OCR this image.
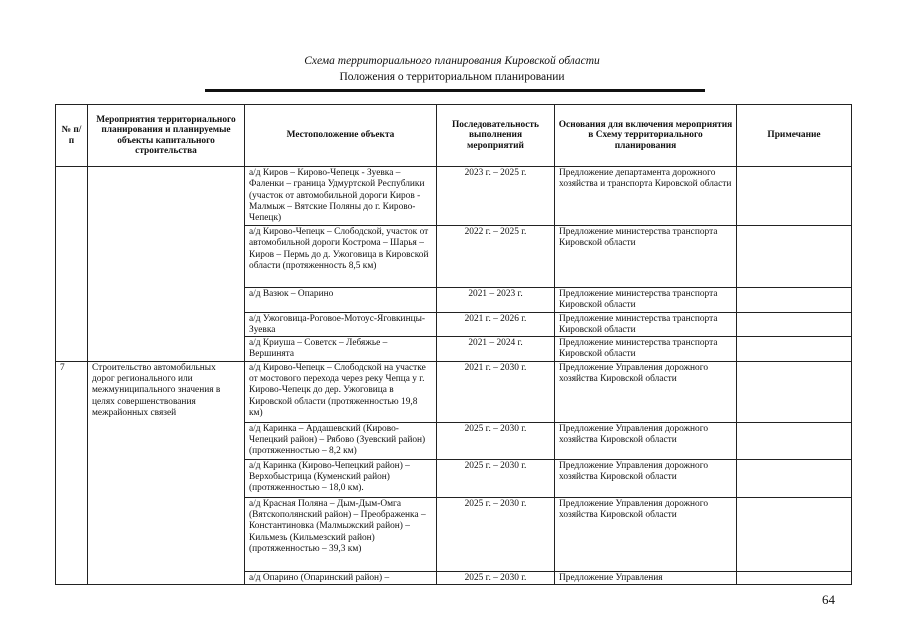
Схема территориального планирования Кировской области
Положения о территориальном планировании
№ п/п	Мероприятия территориального планирования и планируемые объекты капитального строительства	Местоположение объекта	Последовательность выполнения мероприятий	Основания для включения мероприятия в Схему территориального планирования	Примечание
		а/д Киров – Кирово-Чепецк - Зуевка – Фаленки – граница Удмуртской Республики (участок от автомобильной дороги Киров - Малмыж – Вятские Поляны до г. Кирово-Чепецк)	2023 г. – 2025 г.	Предложение департамента дорожного хозяйства и транспорта Кировской области	
		а/д Кирово-Чепецк – Слободской, участок от автомобильной дороги Кострома – Шарья – Киров – Пермь до д. Ужоговица в Кировской области (протяженность 8,5 км)	2022 г. – 2025 г.	Предложение министерства транспорта Кировской области	
		а/д Вазюк – Опарино	2021 – 2023 г.	Предложение министерства транспорта Кировской области	
		а/д Ужоговица-Роговое-Мотоус-Яговкинцы-Зуевка	2021 г. – 2026 г.	Предложение министерства транспорта Кировской области	
		а/д Криуша – Советск – Лебяжье – Вершинята	2021 – 2024 г.	Предложение министерства транспорта Кировской области	
7	Строительство автомобильных дорог регионального или межмуниципального значения в целях совершенствования межрайонных связей	а/д Кирово-Чепецк – Слободской на участке от мостового перехода через реку Чепца у г. Кирово-Чепецк до дер. Ужоговица в Кировской области (протяженностью 19,8 км)	2021 г. – 2030 г.	Предложение Управления дорожного хозяйства Кировской области	
		а/д Каринка – Ардашевский (Кирово-Чепецкий район) – Рябово (Зуевский район) (протяженностью – 8,2 км)	2025 г. – 2030 г.	Предложение Управления дорожного хозяйства Кировской области	
		а/д Каринка (Кирово-Чепецкий район) – Верхобыстрица (Куменский район) (протяженностью – 18,0 км).	2025 г. – 2030 г.	Предложение Управления дорожного хозяйства Кировской области	
		а/д Красная Поляна – Дым-Дым-Омга (Вятскополянский район) – Преображенка – Константиновка (Малмыжский район) – Кильмезь (Кильмезский район) (протяженностью – 39,3 км)	2025 г. – 2030 г.	Предложение Управления дорожного хозяйства Кировской области	
		а/д Опарино (Опаринский район) –	2025 г. – 2030 г.	Предложение Управления	
64
